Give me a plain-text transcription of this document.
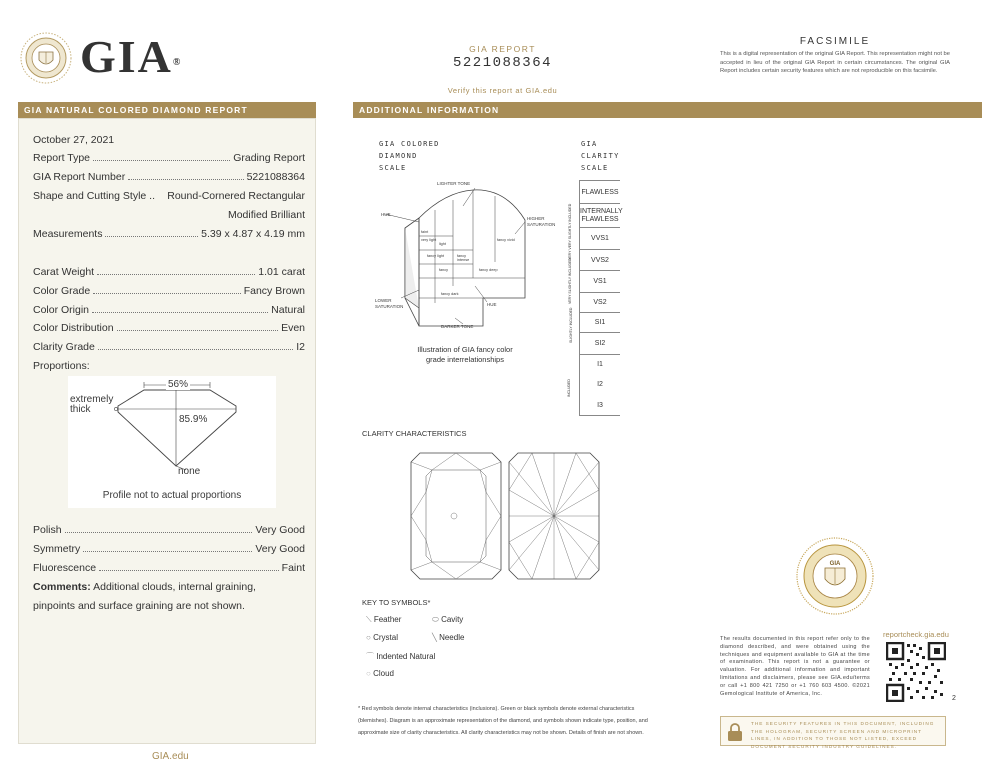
GIA®
GIA REPORT
5221088364
Verify this report at GIA.edu
FACSIMILE
This is a digital representation of the original GIA Report. This representation might not be accepted in lieu of the original GIA Report in certain circumstances. The original GIA Report includes certain security features which are not reproducible on this facsimile.
GIA NATURAL COLORED DIAMOND REPORT
October 27, 2021
Report Type	Grading Report
GIA Report Number	5221088364
Shape and Cutting Style .. Round-Cornered Rectangular
Modified Brilliant
Measurements	5.39 x 4.87 x 4.19 mm
Carat Weight	1.01 carat
Color Grade	Fancy Brown
Color Origin	Natural
Color Distribution	Even
Clarity Grade	I2
Proportions:
56%
85.9%
extremely
thick
none
Profile not to actual proportions
Polish	Very Good
Symmetry	Very Good
Fluorescence	Faint
Comments: Additional clouds, internal graining,
pinpoints and surface graining are not shown.
GIA.edu
ADDITIONAL INFORMATION
GIA COLORED
DIAMOND
SCALE
GIA
CLARITY
SCALE
LIGHTER TONE
HUE
HIGHER
SATURATION
LOWER
SATURATION	HUE
DARKER TONE
faint
very light
light
fancy light
fancy
fancy intense
fancy vivid
fancy deep
fancy dark
Illustration of GIA fancy color
grade interrelationships
FLAWLESS
INTERNALLY FLAWLESS
VVS1
VVS2
VS1
VS2
SI1
SI2
I1
I2
I3
VERY VERY SLIGHTLY INCLUDED
VERY SLIGHTLY INCLUDED
SLIGHTLY INCLUDED
INCLUDED
CLARITY CHARACTERISTICS
KEY TO SYMBOLS*
⟍ Feather	⬭ Cavity
○ Crystal	╲ Needle
⌒ Indented Natural
○ Cloud
* Red symbols denote internal characteristics (inclusions). Green or black symbols denote external characteristics (blemishes). Diagram is an approximate representation of the diamond, and symbols shown indicate type, position, and approximate size of clarity characteristics. All clarity characteristics may not be shown. Details of finish are not shown.
GIA
The results documented in this report refer only to the diamond described, and were obtained using the techniques and equipment available to GIA at the time of examination. This report is not a guarantee or valuation. For additional information and important limitations and disclaimers, please see GIA.edu/terms or call +1 800 421 7250 or +1 760 603 4500. ©2021 Gemological Institute of America, Inc.
reportcheck.gia.edu
2
THE SECURITY FEATURES IN THIS DOCUMENT, INCLUDING THE HOLOGRAM, SECURITY SCREEN AND MICROPRINT LINES, IN ADDITION TO THOSE NOT LISTED, EXCEED DOCUMENT SECURITY INDUSTRY GUIDELINES.
